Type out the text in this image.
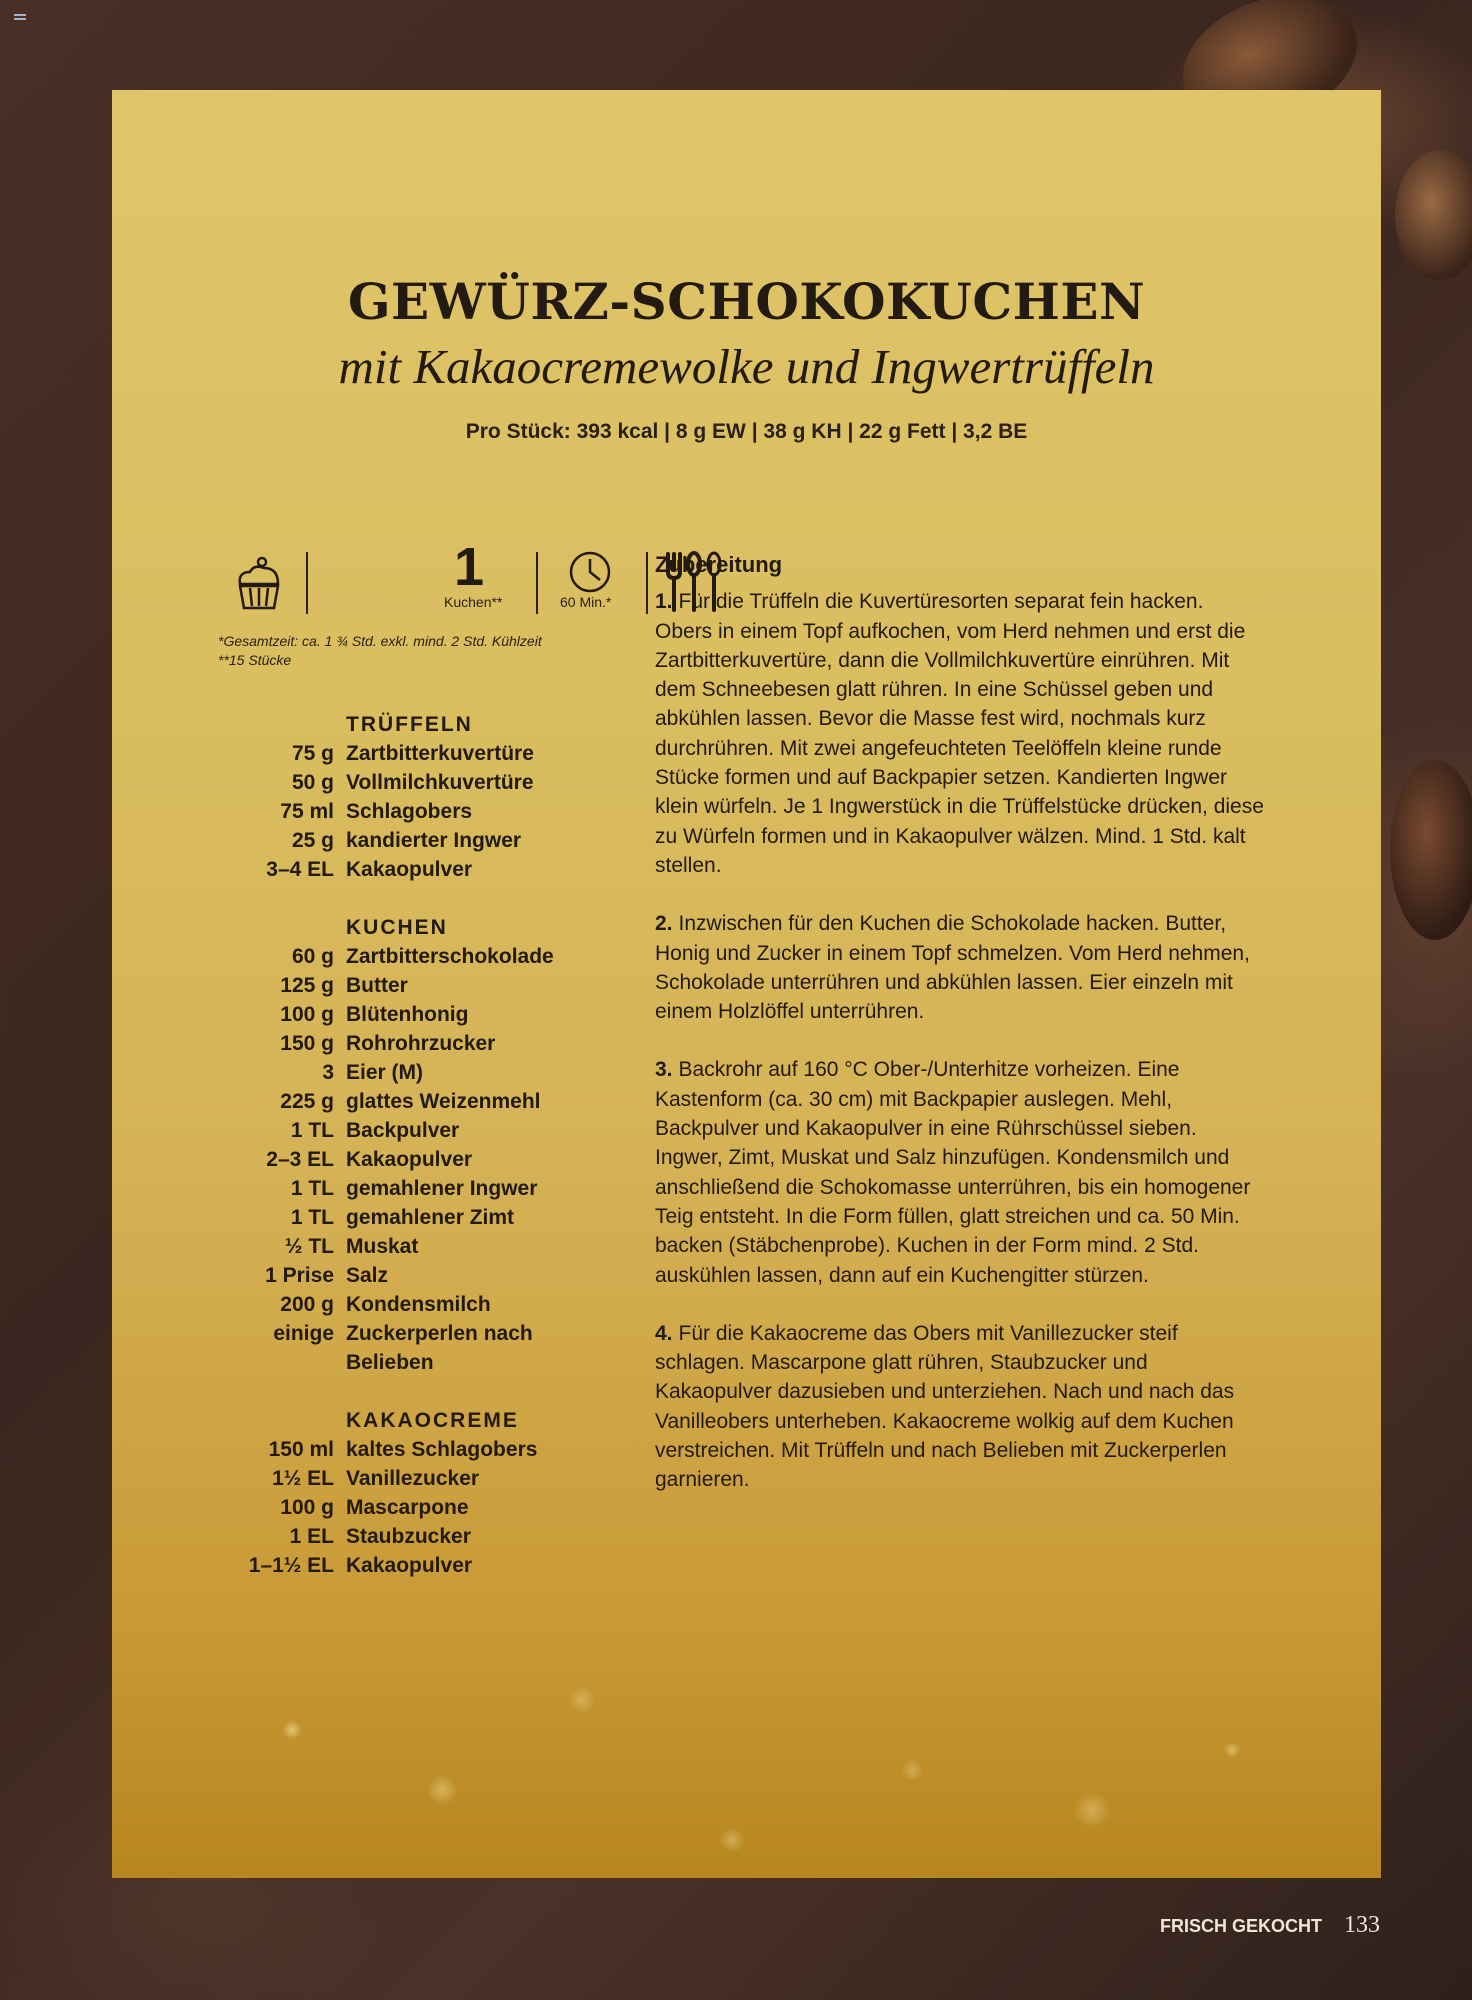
GEWÜRZ-SCHOKOKUCHEN
mit Kakaocremewolke und Ingwertrüffeln
Pro Stück: 393 kcal | 8 g EW | 38 g KH | 22 g Fett | 3,2 BE
1
Kuchen**	60 Min.*
*Gesamtzeit: ca. 1 ¾ Std. exkl. mind. 2 Std. Kühlzeit
**15 Stücke
TRÜFFELN
75 g Zartbitterkuvertüre
50 g Vollmilchkuvertüre
75 ml Schlagobers
25 g kandierter Ingwer
3–4 EL Kakaopulver
KUCHEN
60 g Zartbitterschokolade
125 g Butter
100 g Blütenhonig
150 g Rohrohrzucker
3 Eier (M)
225 g glattes Weizenmehl
1 TL Backpulver
2–3 EL Kakaopulver
1 TL gemahlener Ingwer
1 TL gemahlener Zimt
½ TL Muskat
1 Prise Salz
200 g Kondensmilch
einige Zuckerperlen nach
Belieben
KAKAOCREME
150 ml kaltes Schlagobers
1½ EL Vanillezucker
100 g Mascarpone
1 EL Staubzucker
1–1½ EL Kakaopulver
Zubereitung

1. Für die Trüffeln die Kuvertüresorten separat fein hacken. Obers in einem Topf aufkochen, vom Herd nehmen und erst die Zartbitterkuvertüre, dann die Vollmilchkuvertüre einrühren. Mit dem Schneebesen glatt rühren. In eine Schüssel geben und abkühlen lassen. Bevor die Masse fest wird, nochmals kurz durchrühren. Mit zwei angefeuchteten Teelöffeln kleine runde Stücke formen und auf Backpapier setzen. Kandierten Ingwer klein würfeln. Je 1 Ingwerstück in die Trüffelstücke drücken, diese zu Würfeln formen und in Kakaopulver wälzen. Mind. 1 Std. kalt stellen.

2. Inzwischen für den Kuchen die Schokolade hacken. Butter, Honig und Zucker in einem Topf schmelzen. Vom Herd nehmen, Schokolade unterrühren und abkühlen lassen. Eier einzeln mit einem Holzlöffel unterrühren.

3. Backrohr auf 160 °C Ober-/Unterhitze vorheizen. Eine Kastenform (ca. 30 cm) mit Backpapier auslegen. Mehl, Backpulver und Kakaopulver in eine Rührschüssel sieben. Ingwer, Zimt, Muskat und Salz hinzufügen. Kondensmilch und anschließend die Schokomasse unterrühren, bis ein homogener Teig entsteht. In die Form füllen, glatt streichen und ca. 50 Min. backen (Stäbchenprobe). Kuchen in der Form mind. 2 Std. auskühlen lassen, dann auf ein Kuchengitter stürzen.

4. Für die Kakaocreme das Obers mit Vanillezucker steif schlagen. Mascarpone glatt rühren, Staubzucker und Kakaopulver dazusieben und unterziehen. Nach und nach das Vanilleobers unterheben. Kakaocreme wolkig auf dem Kuchen verstreichen. Mit Trüffeln und nach Belieben mit Zuckerperlen garnieren.

FRISCH GEKOCHT 133
